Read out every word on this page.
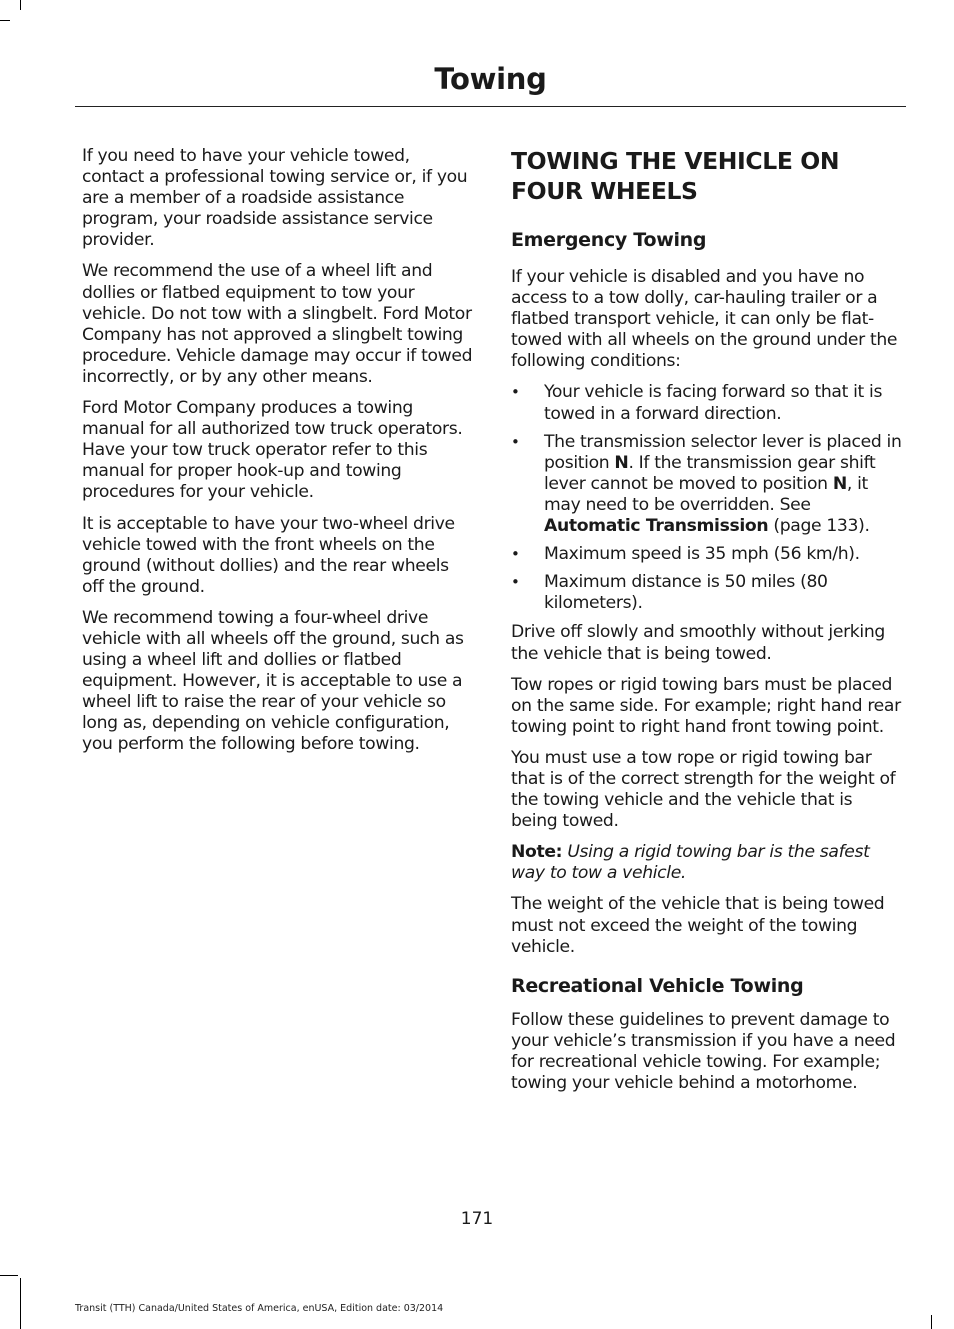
Towing

If you need to have your vehicle towed, contact a professional towing service or, if you are a member of a roadside assistance program, your roadside assistance service provider.

We recommend the use of a wheel lift and dollies or flatbed equipment to tow your vehicle. Do not tow with a slingbelt. Ford Motor Company has not approved a slingbelt towing procedure. Vehicle damage may occur if towed incorrectly, or by any other means.

Ford Motor Company produces a towing manual for all authorized tow truck operators. Have your tow truck operator refer to this manual for proper hook-up and towing procedures for your vehicle.

It is acceptable to have your two-wheel drive vehicle towed with the front wheels on the ground (without dollies) and the rear wheels off the ground.

We recommend towing a four-wheel drive vehicle with all wheels off the ground, such as using a wheel lift and dollies or flatbed equipment. However, it is acceptable to use a wheel lift to raise the rear of your vehicle so long as, depending on vehicle configuration, you perform the following before towing.

TOWING THE VEHICLE ON FOUR WHEELS
Emergency Towing

If your vehicle is disabled and you have no access to a tow dolly, car-hauling trailer or a flatbed transport vehicle, it can only be flat-towed with all wheels on the ground under the following conditions:

• Your vehicle is facing forward so that it is towed in a forward direction.
• The transmission selector lever is placed in position N. If the transmission gear shift lever cannot be moved to position N, it may need to be overridden. See Automatic Transmission (page 133).
• Maximum speed is 35 mph (56 km/h).
• Maximum distance is 50 miles (80 kilometers).

Drive off slowly and smoothly without jerking the vehicle that is being towed.

Tow ropes or rigid towing bars must be placed on the same side. For example; right hand rear towing point to right hand front towing point.

You must use a tow rope or rigid towing bar that is of the correct strength for the weight of the towing vehicle and the vehicle that is being towed.

Note: Using a rigid towing bar is the safest way to tow a vehicle.

The weight of the vehicle that is being towed must not exceed the weight of the towing vehicle.

Recreational Vehicle Towing

Follow these guidelines to prevent damage to your vehicle’s transmission if you have a need for recreational vehicle towing. For example; towing your vehicle behind a motorhome.

171
Transit (TTH) Canada/United States of America, enUSA, Edition date: 03/2014
